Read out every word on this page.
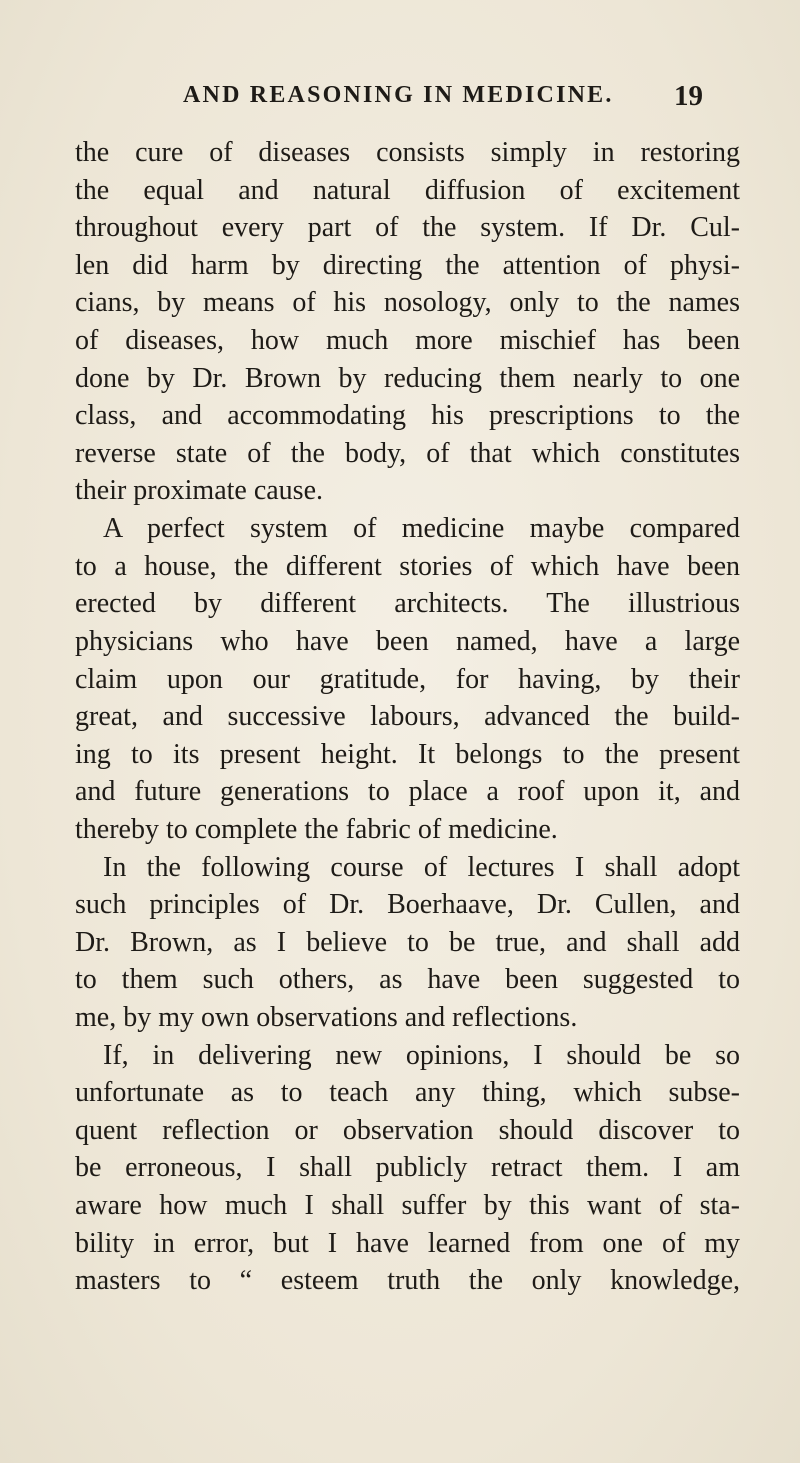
AND REASONING IN MEDICINE. 19
the cure of diseases consists simply in restoring
the equal and natural diffusion of excitement
throughout every part of the system. If Dr. Cul-
len did harm by directing the attention of physi-
cians, by means of his nosology, only to the names
of diseases, how much more mischief has been
done by Dr. Brown by reducing them nearly to one
class, and accommodating his prescriptions to the
reverse state of the body, of that which constitutes
their proximate cause.
A perfect system of medicine maybe compared
to a house, the different stories of which have been
erected by different architects. The illustrious
physicians who have been named, have a large
claim upon our gratitude, for having, by their
great, and successive labours, advanced the build-
ing to its present height. It belongs to the present
and future generations to place a roof upon it, and
thereby to complete the fabric of medicine.
In the following course of lectures I shall adopt
such principles of Dr. Boerhaave, Dr. Cullen, and
Dr. Brown, as I believe to be true, and shall add
to them such others, as have been suggested to
me, by my own observations and reflections.
If, in delivering new opinions, I should be so
unfortunate as to teach any thing, which subse-
quent reflection or observation should discover to
be erroneous, I shall publicly retract them. I am
aware how much I shall suffer by this want of sta-
bility in error, but I have learned from one of my
masters to “ esteem truth the only knowledge,
